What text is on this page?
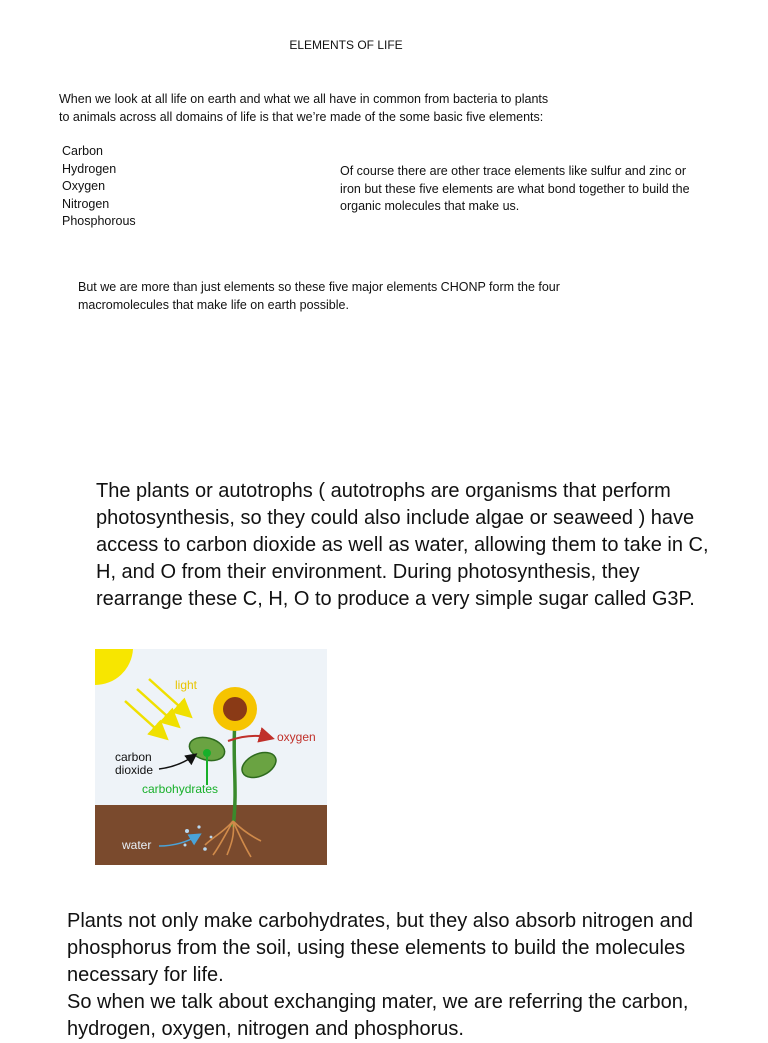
ELEMENTS OF LIFE
When we look at all life on earth and what we all have in common from bacteria to plants
to animals across all domains of life is that we’re made of the some basic five elements:
Carbon
Hydrogen
Oxygen
Nitrogen
Phosphorous
Of course there are other trace elements like sulfur and zinc or
iron but these five elements are what bond together to build the
organic molecules that make us.
But we are more than just elements so these five major elements CHONP form the four
macromolecules that make life on earth possible.
The plants or autotrophs ( autotrophs are organisms that perform
photosynthesis, so they could also include algae or seaweed ) have
access to carbon dioxide as well as water, allowing them to take in C,
H, and O from their environment. During photosynthesis, they
rearrange these C, H, O to produce a very simple sugar called G3P.
light
oxygen
carbon
dioxide
carbohydrates
water
Plants not only make carbohydrates, but they also absorb nitrogen and
phosphorus from the soil, using these elements to build the molecules
necessary for life.
So when we talk about exchanging mater, we are referring the carbon,
hydrogen, oxygen, nitrogen and phosphorus.
